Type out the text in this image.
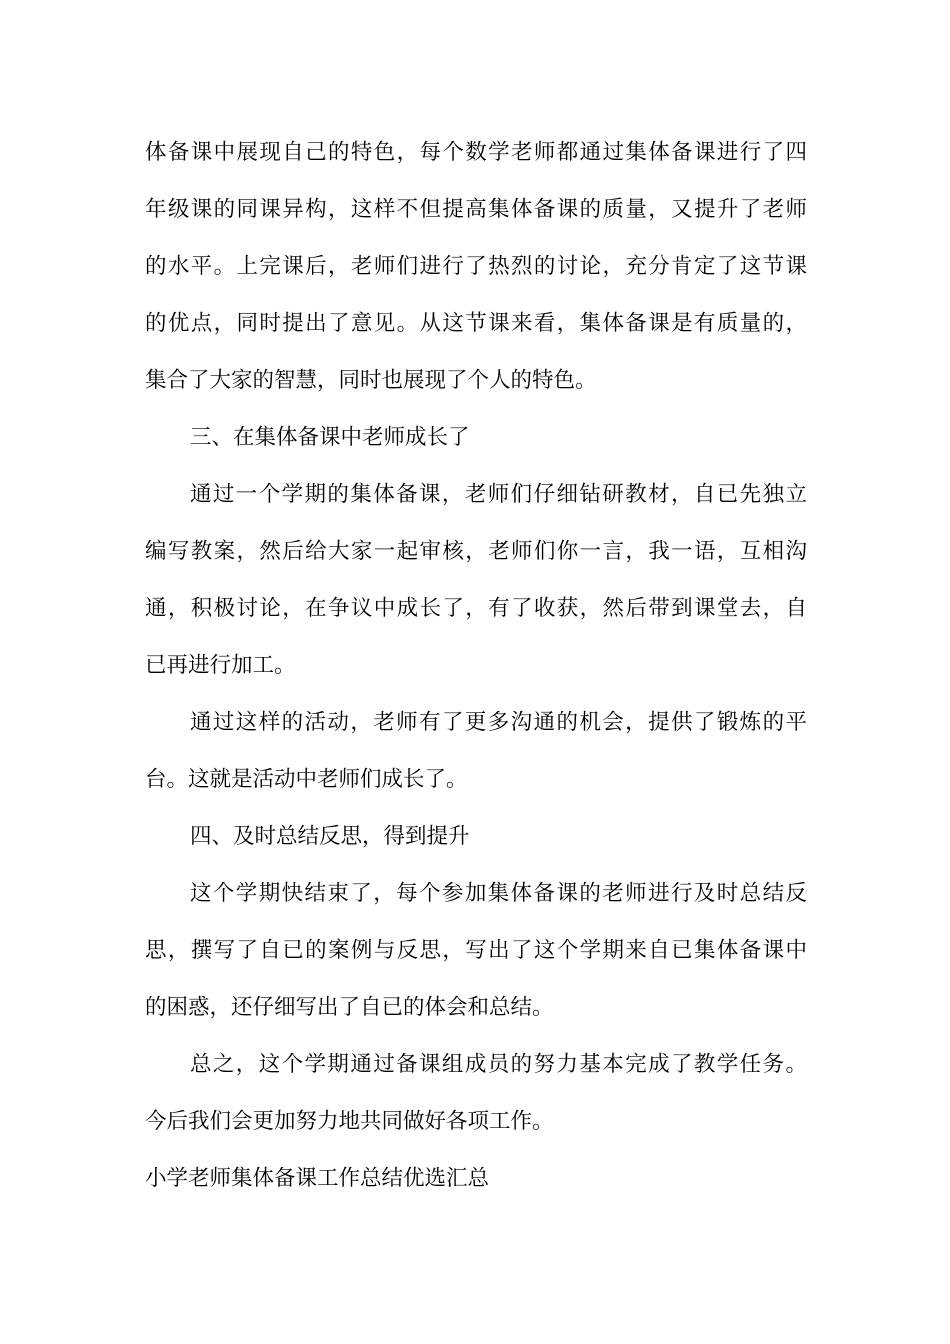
体备课中展现自己的特色，每个数学老师都通过集体备课进行了四
年级课的同课异构，这样不但提高集体备课的质量，又提升了老师
的水平。上完课后，老师们进行了热烈的讨论，充分肯定了这节课
的优点，同时提出了意见。从这节课来看，集体备课是有质量的，
集合了大家的智慧，同时也展现了个人的特色。
三、在集体备课中老师成长了
通过一个学期的集体备课，老师们仔细钻研教材，自已先独立
编写教案，然后给大家一起审核，老师们你一言，我一语，互相沟
通，积极讨论，在争议中成长了，有了收获，然后带到课堂去，自
已再进行加工。
通过这样的活动，老师有了更多沟通的机会，提供了锻炼的平
台。这就是活动中老师们成长了。
四、及时总结反思，得到提升
这个学期快结束了，每个参加集体备课的老师进行及时总结反
思，撰写了自已的案例与反思，写出了这个学期来自已集体备课中
的困惑，还仔细写出了自已的体会和总结。
总之，这个学期通过备课组成员的努力基本完成了教学任务。
今后我们会更加努力地共同做好各项工作。
小学老师集体备课工作总结优选汇总
